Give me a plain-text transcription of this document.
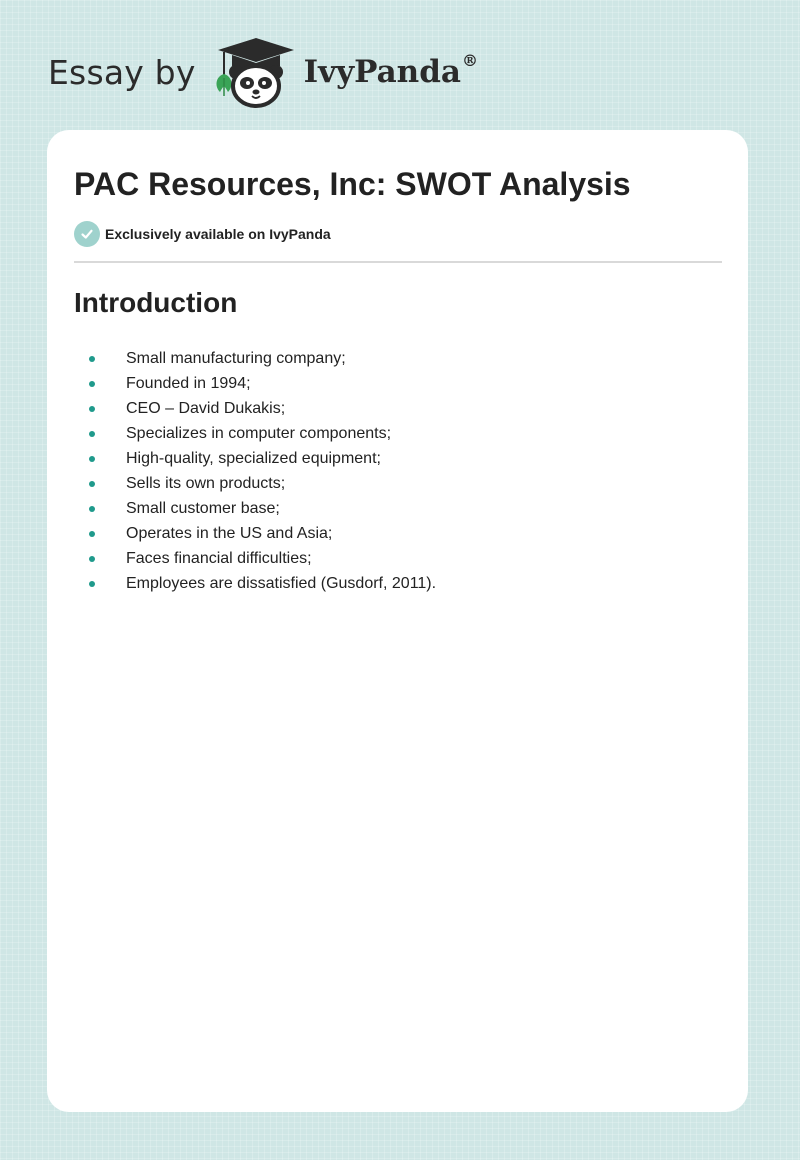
Essay by	IvyPanda®
PAC Resources, Inc: SWOT Analysis
Exclusively available on IvyPanda
Introduction
Small manufacturing company;
Founded in 1994;
CEO – David Dukakis;
Specializes in computer components;
High-quality, specialized equipment;
Sells its own products;
Small customer base;
Operates in the US and Asia;
Faces financial difficulties;
Employees are dissatisfied (Gusdorf, 2011).
